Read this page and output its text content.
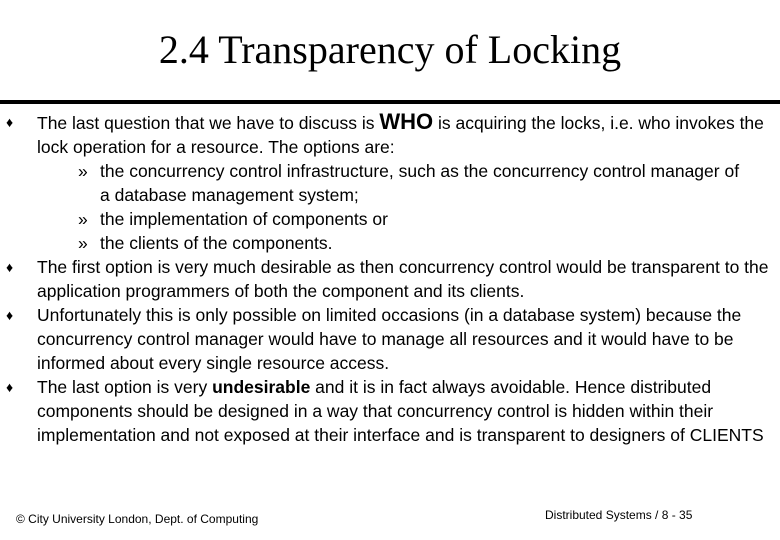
2.4 Transparency of Locking
♦ The last question that we have to discuss is WHO is acquiring the locks, i.e. who invokes the lock operation for a resource. The options are:
» the concurrency control infrastructure, such as the concurrency control manager of a database management system;
» the implementation of components or
» the clients of the components.
♦ The first option is very much desirable as then concurrency control would be transparent to the application programmers of both the component and its clients.
♦ Unfortunately this is only possible on limited occasions (in a database system) because the concurrency control manager would have to manage all resources and it would have to be informed about every single resource access.
♦ The last option is very undesirable and it is in fact always avoidable. Hence distributed components should be designed in a way that concurrency control is hidden within their implementation and not exposed at their interface and is transparent to designers of CLIENTS
© City University London, Dept. of Computing	Distributed Systems / 8 - 35
